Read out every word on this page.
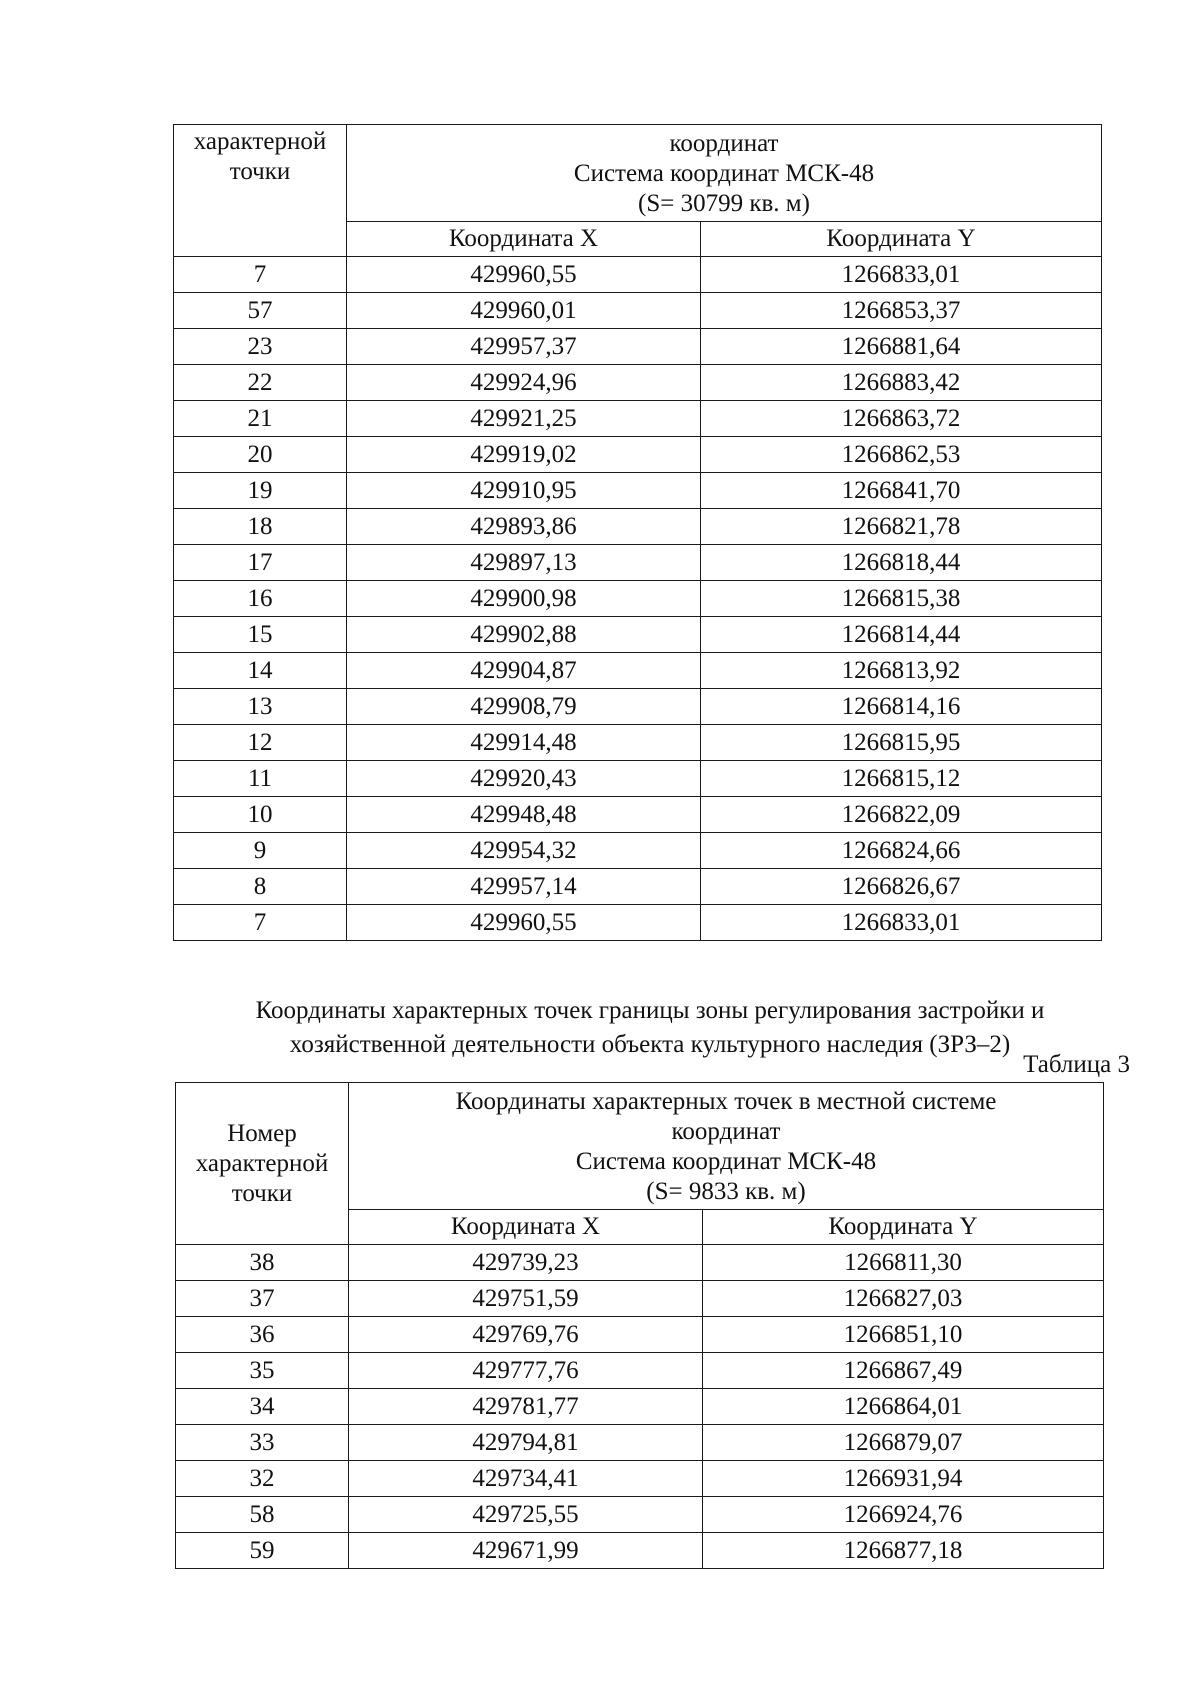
характерной
точки	координат
Система координат МСК-48
(S= 30799 кв. м)	

	Координата X	Координата Y
7	429960,55	1266833,01
57	429960,01	1266853,37
23	429957,37	1266881,64
22	429924,96	1266883,42
21	429921,25	1266863,72
20	429919,02	1266862,53
19	429910,95	1266841,70
18	429893,86	1266821,78
17	429897,13	1266818,44
16	429900,98	1266815,38
15	429902,88	1266814,44
14	429904,87	1266813,92
13	429908,79	1266814,16
12	429914,48	1266815,95
11	429920,43	1266815,12
10	429948,48	1266822,09
9	429954,32	1266824,66
8	429957,14	1266826,67
7	429960,55	1266833,01
Координаты характерных точек границы зоны регулирования застройки и
хозяйственной деятельности объекта культурного наследия (ЗРЗ–2)
Таблица 3
Номер
характерной
точки	Координаты характерных точек в местной системе
координат
Система координат МСК-48
(S= 9833 кв. м)	

	Координата X	Координата Y
38	429739,23	1266811,30
37	429751,59	1266827,03
36	429769,76	1266851,10
35	429777,76	1266867,49
34	429781,77	1266864,01
33	429794,81	1266879,07
32	429734,41	1266931,94
58	429725,55	1266924,76
59	429671,99	1266877,18
